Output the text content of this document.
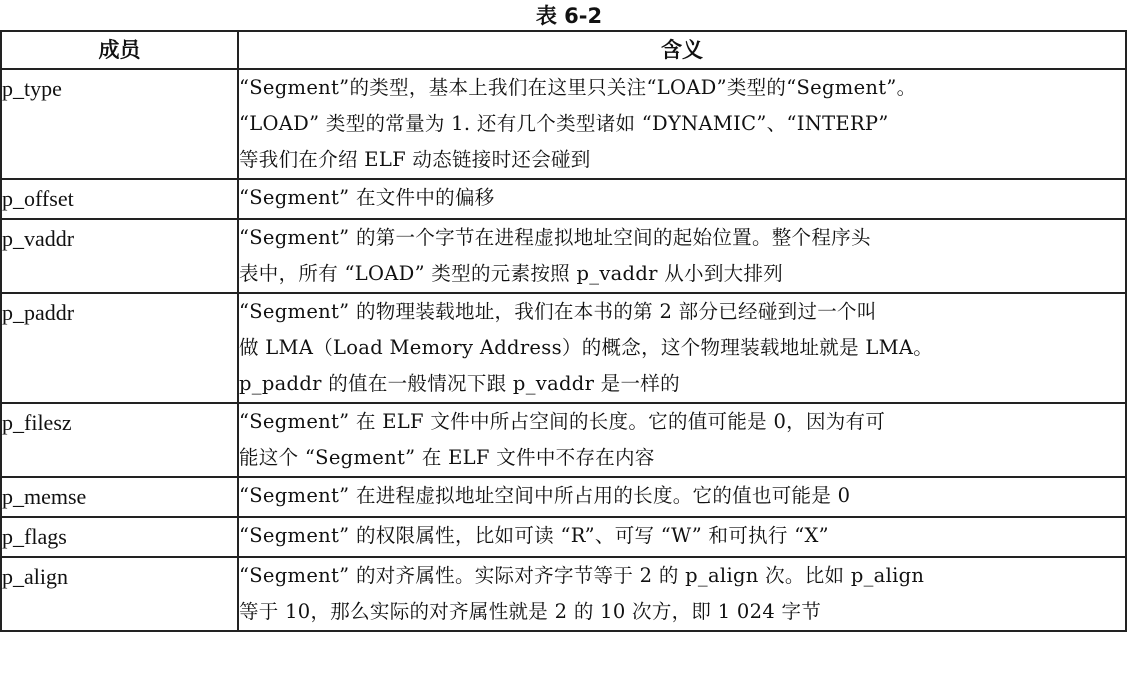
表 6-2
成员	含义
p_type	“Segment”的类型，基本上我们在这里只关注“LOAD”类型的“Segment”。
“LOAD” 类型的常量为 1. 还有几个类型诸如 “DYNAMIC”、“INTERP”
等我们在介绍 ELF 动态链接时还会碰到

p_offset	“Segment” 在文件中的偏移

p_vaddr	“Segment” 的第一个字节在进程虚拟地址空间的起始位置。整个程序头
表中，所有 “LOAD” 类型的元素按照 p_vaddr 从小到大排列

p_paddr	“Segment” 的物理装载地址，我们在本书的第 2 部分已经碰到过一个叫
做 LMA（Load Memory Address）的概念，这个物理装载地址就是 LMA。
p_paddr 的值在一般情况下跟 p_vaddr 是一样的

p_filesz	“Segment” 在 ELF 文件中所占空间的长度。它的值可能是 0，因为有可
能这个 “Segment” 在 ELF 文件中不存在内容

p_memse	“Segment” 在进程虚拟地址空间中所占用的长度。它的值也可能是 0

p_flags	“Segment” 的权限属性，比如可读 “R”、可写 “W” 和可执行 “X”

p_align	“Segment” 的对齐属性。实际对齐字节等于 2 的 p_align 次。比如 p_align
等于 10，那么实际的对齐属性就是 2 的 10 次方，即 1 024 字节
